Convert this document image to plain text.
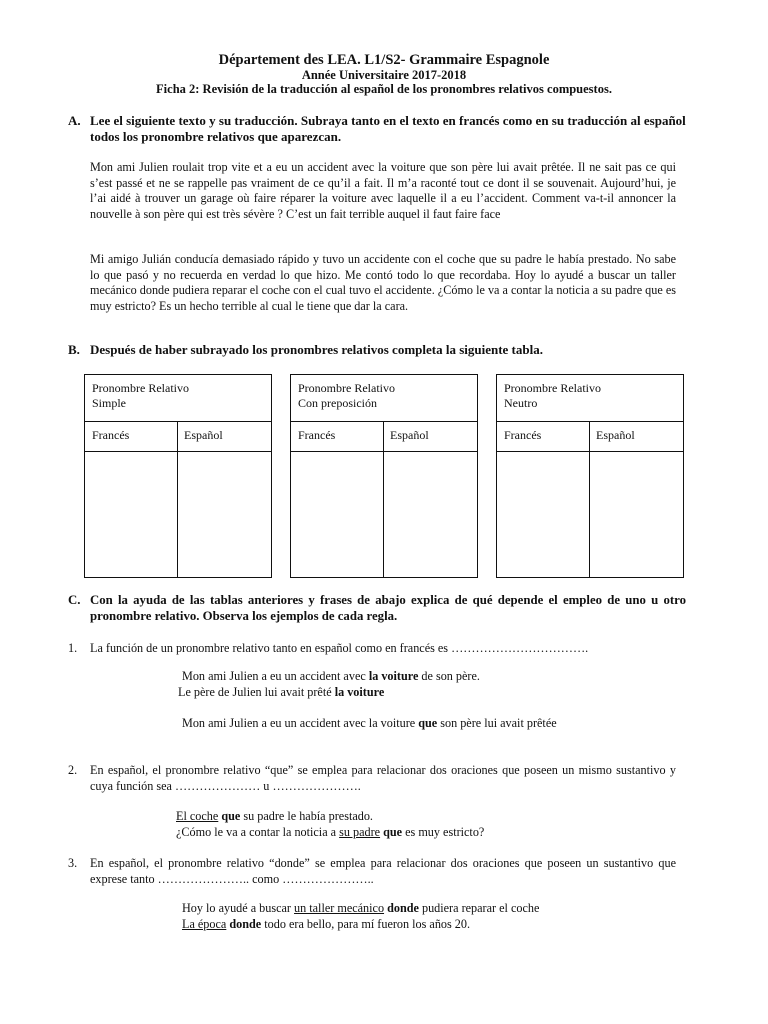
Département des LEA. L1/S2- Grammaire Espagnole
Année Universitaire 2017-2018
Ficha 2: Revisión de la traducción al español de los pronombres relativos compuestos.
A. Lee el siguiente texto y su traducción. Subraya tanto en el texto en francés como en su traducción al español todos los pronombre relativos que aparezcan.
Mon ami Julien roulait trop vite et a eu un accident avec la voiture que son père lui avait prêtée. Il ne sait pas ce qui s’est passé et ne se rappelle pas vraiment de ce qu’il a fait. Il m’a raconté tout ce dont il se souvenait. Aujourd’hui, je l’ai aidé à trouver un garage où faire réparer la voiture avec laquelle il a eu l’accident. Comment va-t-il annoncer la nouvelle à son père qui est très sévère ? C’est un fait terrible auquel il faut faire face
Mi amigo Julián conducía demasiado rápido y tuvo un accidente con el coche que su padre le había prestado. No sabe lo que pasó y no recuerda en verdad lo que hizo. Me contó todo lo que recordaba. Hoy lo ayudé a buscar un taller mecánico donde pudiera reparar el coche con el cual tuvo el accidente. ¿Cómo le va a contar la noticia a su padre que es muy estricto? Es un hecho terrible al cual le tiene que dar la cara.
B. Después de haber subrayado los pronombres relativos completa la siguiente tabla.
Pronombre Relativo
Simple
Francés	Español
Pronombre Relativo
Con preposición
Francés	Español
Pronombre Relativo
Neutro
Francés	Español
C. Con la ayuda de las tablas anteriores y frases de abajo explica de qué depende el empleo de uno u otro pronombre relativo. Observa los ejemplos de cada regla.
1. La función de un pronombre relativo tanto en español como en francés es …………………………….
Mon ami Julien a eu un accident avec la voiture de son père.
Le père de Julien lui avait prêté la voiture
Mon ami Julien a eu un accident avec la voiture que son père lui avait prêtée
2. En español, el pronombre relativo “que” se emplea para relacionar dos oraciones que poseen un mismo sustantivo y cuya función sea ………………… u ………………….
El coche que su padre le había prestado.
¿Cómo le va a contar la noticia a su padre que es muy estricto?
3. En español, el pronombre relativo “donde” se emplea para relacionar dos oraciones que poseen un sustantivo que exprese tanto ………………….. como …………………..
Hoy lo ayudé a buscar un taller mecánico donde pudiera reparar el coche
La época donde todo era bello, para mí fueron los años 20.
